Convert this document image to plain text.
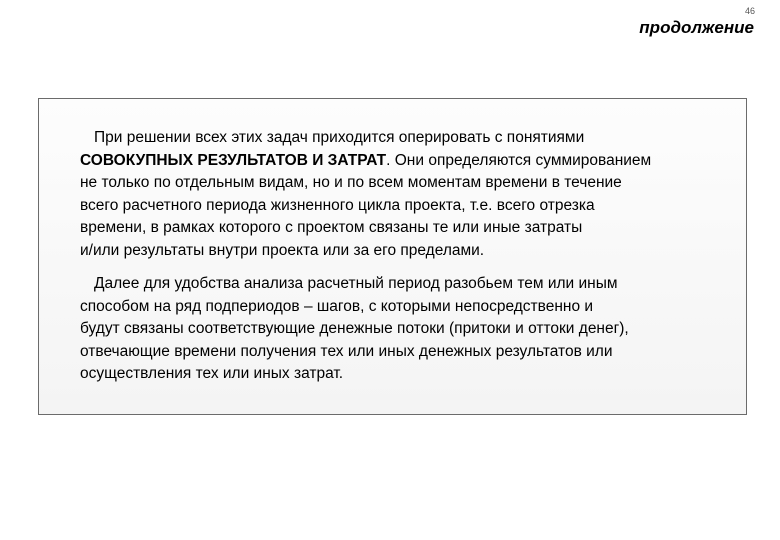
46
продолжение

При решении всех этих задач приходится оперировать с понятиями
СОВОКУПНЫХ РЕЗУЛЬТАТОВ И ЗАТРАТ. Они определяются суммированием
не только по отдельным видам, но и по всем моментам времени в течение
всего расчетного периода жизненного цикла проекта, т.е. всего отрезка
времени, в рамках которого с проектом связаны те или иные затраты
и/или результаты внутри проекта или за его пределами.

Далее для удобства анализа расчетный период разобьем тем или иным
способом на ряд подпериодов – шагов, с которыми непосредственно и
будут связаны соответствующие денежные потоки (притоки и оттоки денег),
отвечающие времени получения тех или иных денежных результатов или
осуществления тех или иных затрат.
